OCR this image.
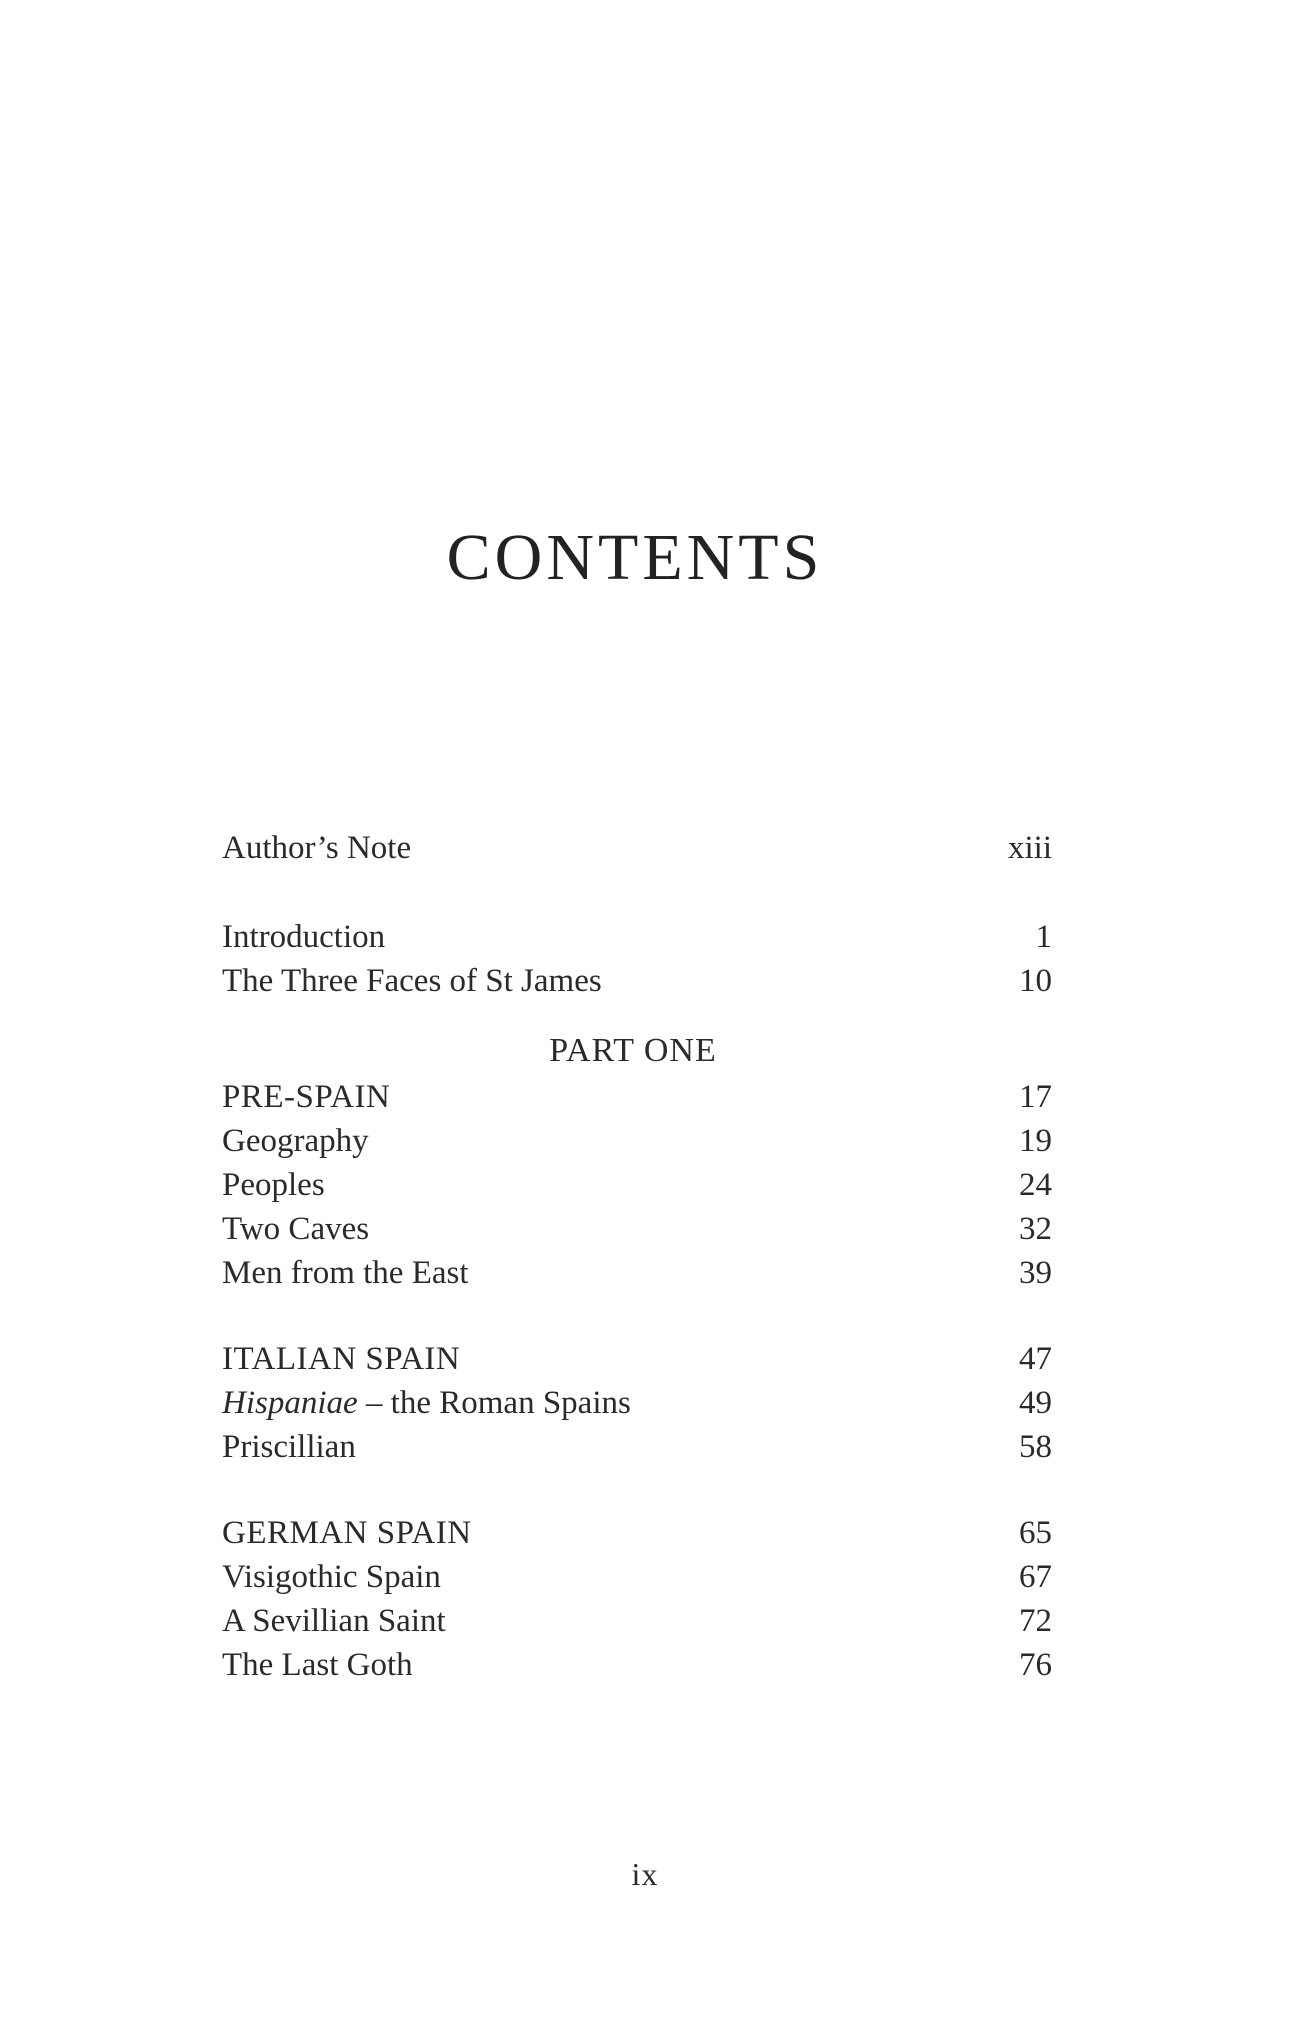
CONTENTS
Author’s Note	xiii
Introduction	1
The Three Faces of St James	10
PART ONE
PRE-SPAIN	17
Geography	19
Peoples	24
Two Caves	32
Men from the East	39
ITALIAN SPAIN	47
Hispaniae – the Roman Spains	49
Priscillian	58
GERMAN SPAIN	65
Visigothic Spain	67
A Sevillian Saint	72
The Last Goth	76
ix
